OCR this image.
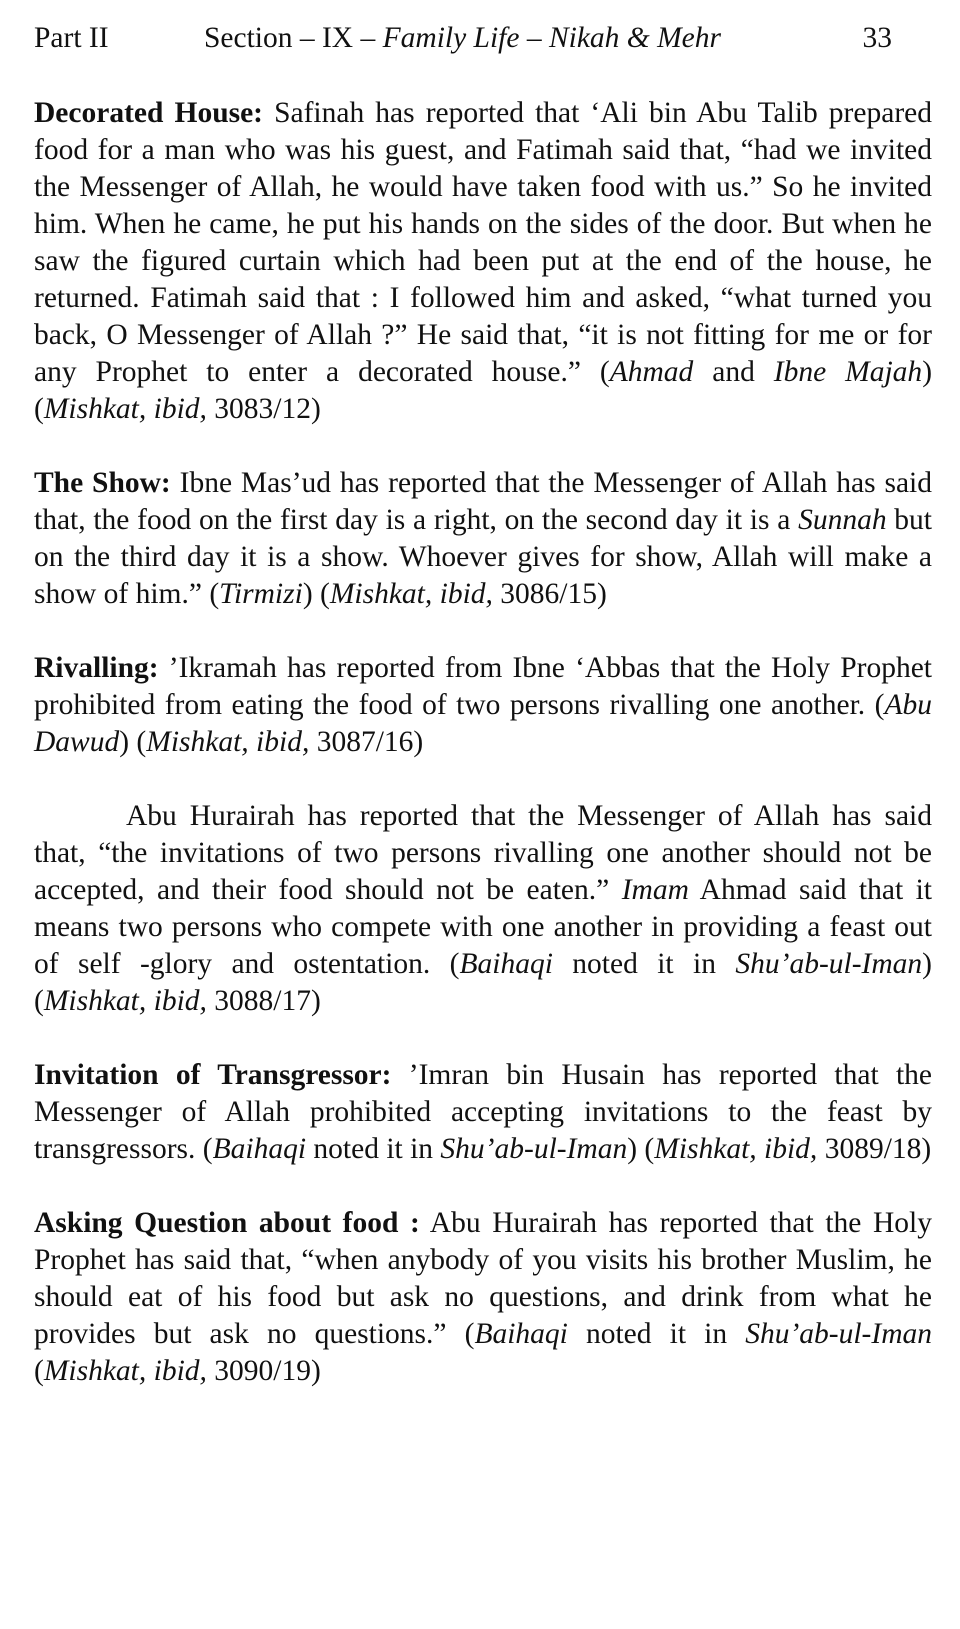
Part II	Section – IX – Family Life – Nikah & Mehr	33

Decorated House: Safinah has reported that ‘Ali bin Abu Talib prepared food for a man who was his guest, and Fatimah said that, “had we invited the Messenger of Allah, he would have taken food with us.” So he invited him. When he came, he put his hands on the sides of the door. But when he saw the figured curtain which had been put at the end of the house, he returned. Fatimah said that : I followed him and asked, “what turned you back, O Messenger of Allah ?” He said that, “it is not fitting for me or for any Prophet to enter a decorated house.” (Ahmad and Ibne Majah) (Mishkat, ibid, 3083/12)

The Show: Ibne Mas’ud has reported that the Messenger of Allah has said that, the food on the first day is a right, on the second day it is a Sunnah but on the third day it is a show. Whoever gives for show, Allah will make a show of him.” (Tirmizi) (Mishkat, ibid, 3086/15)

Rivalling: ’Ikramah has reported from Ibne ‘Abbas that the Holy Prophet prohibited from eating the food of two persons rivalling one another. (Abu Dawud) (Mishkat, ibid, 3087/16)

Abu Hurairah has reported that the Messenger of Allah has said that, “the invitations of two persons rivalling one another should not be accepted, and their food should not be eaten.” Imam Ahmad said that it means two persons who compete with one another in providing a feast out of self -glory and ostentation. (Baihaqi noted it in Shu’ab-ul-Iman) (Mishkat, ibid, 3088/17)

Invitation of Transgressor: ’Imran bin Husain has reported that the Messenger of Allah prohibited accepting invitations to the feast by transgressors. (Baihaqi noted it in Shu’ab-ul-Iman) (Mishkat, ibid, 3089/18)

Asking Question about food : Abu Hurairah has reported that the Holy Prophet has said that, “when anybody of you visits his brother Muslim, he should eat of his food but ask no questions, and drink from what he provides but ask no questions.” (Baihaqi noted it in Shu’ab-ul-Iman (Mishkat, ibid, 3090/19)
